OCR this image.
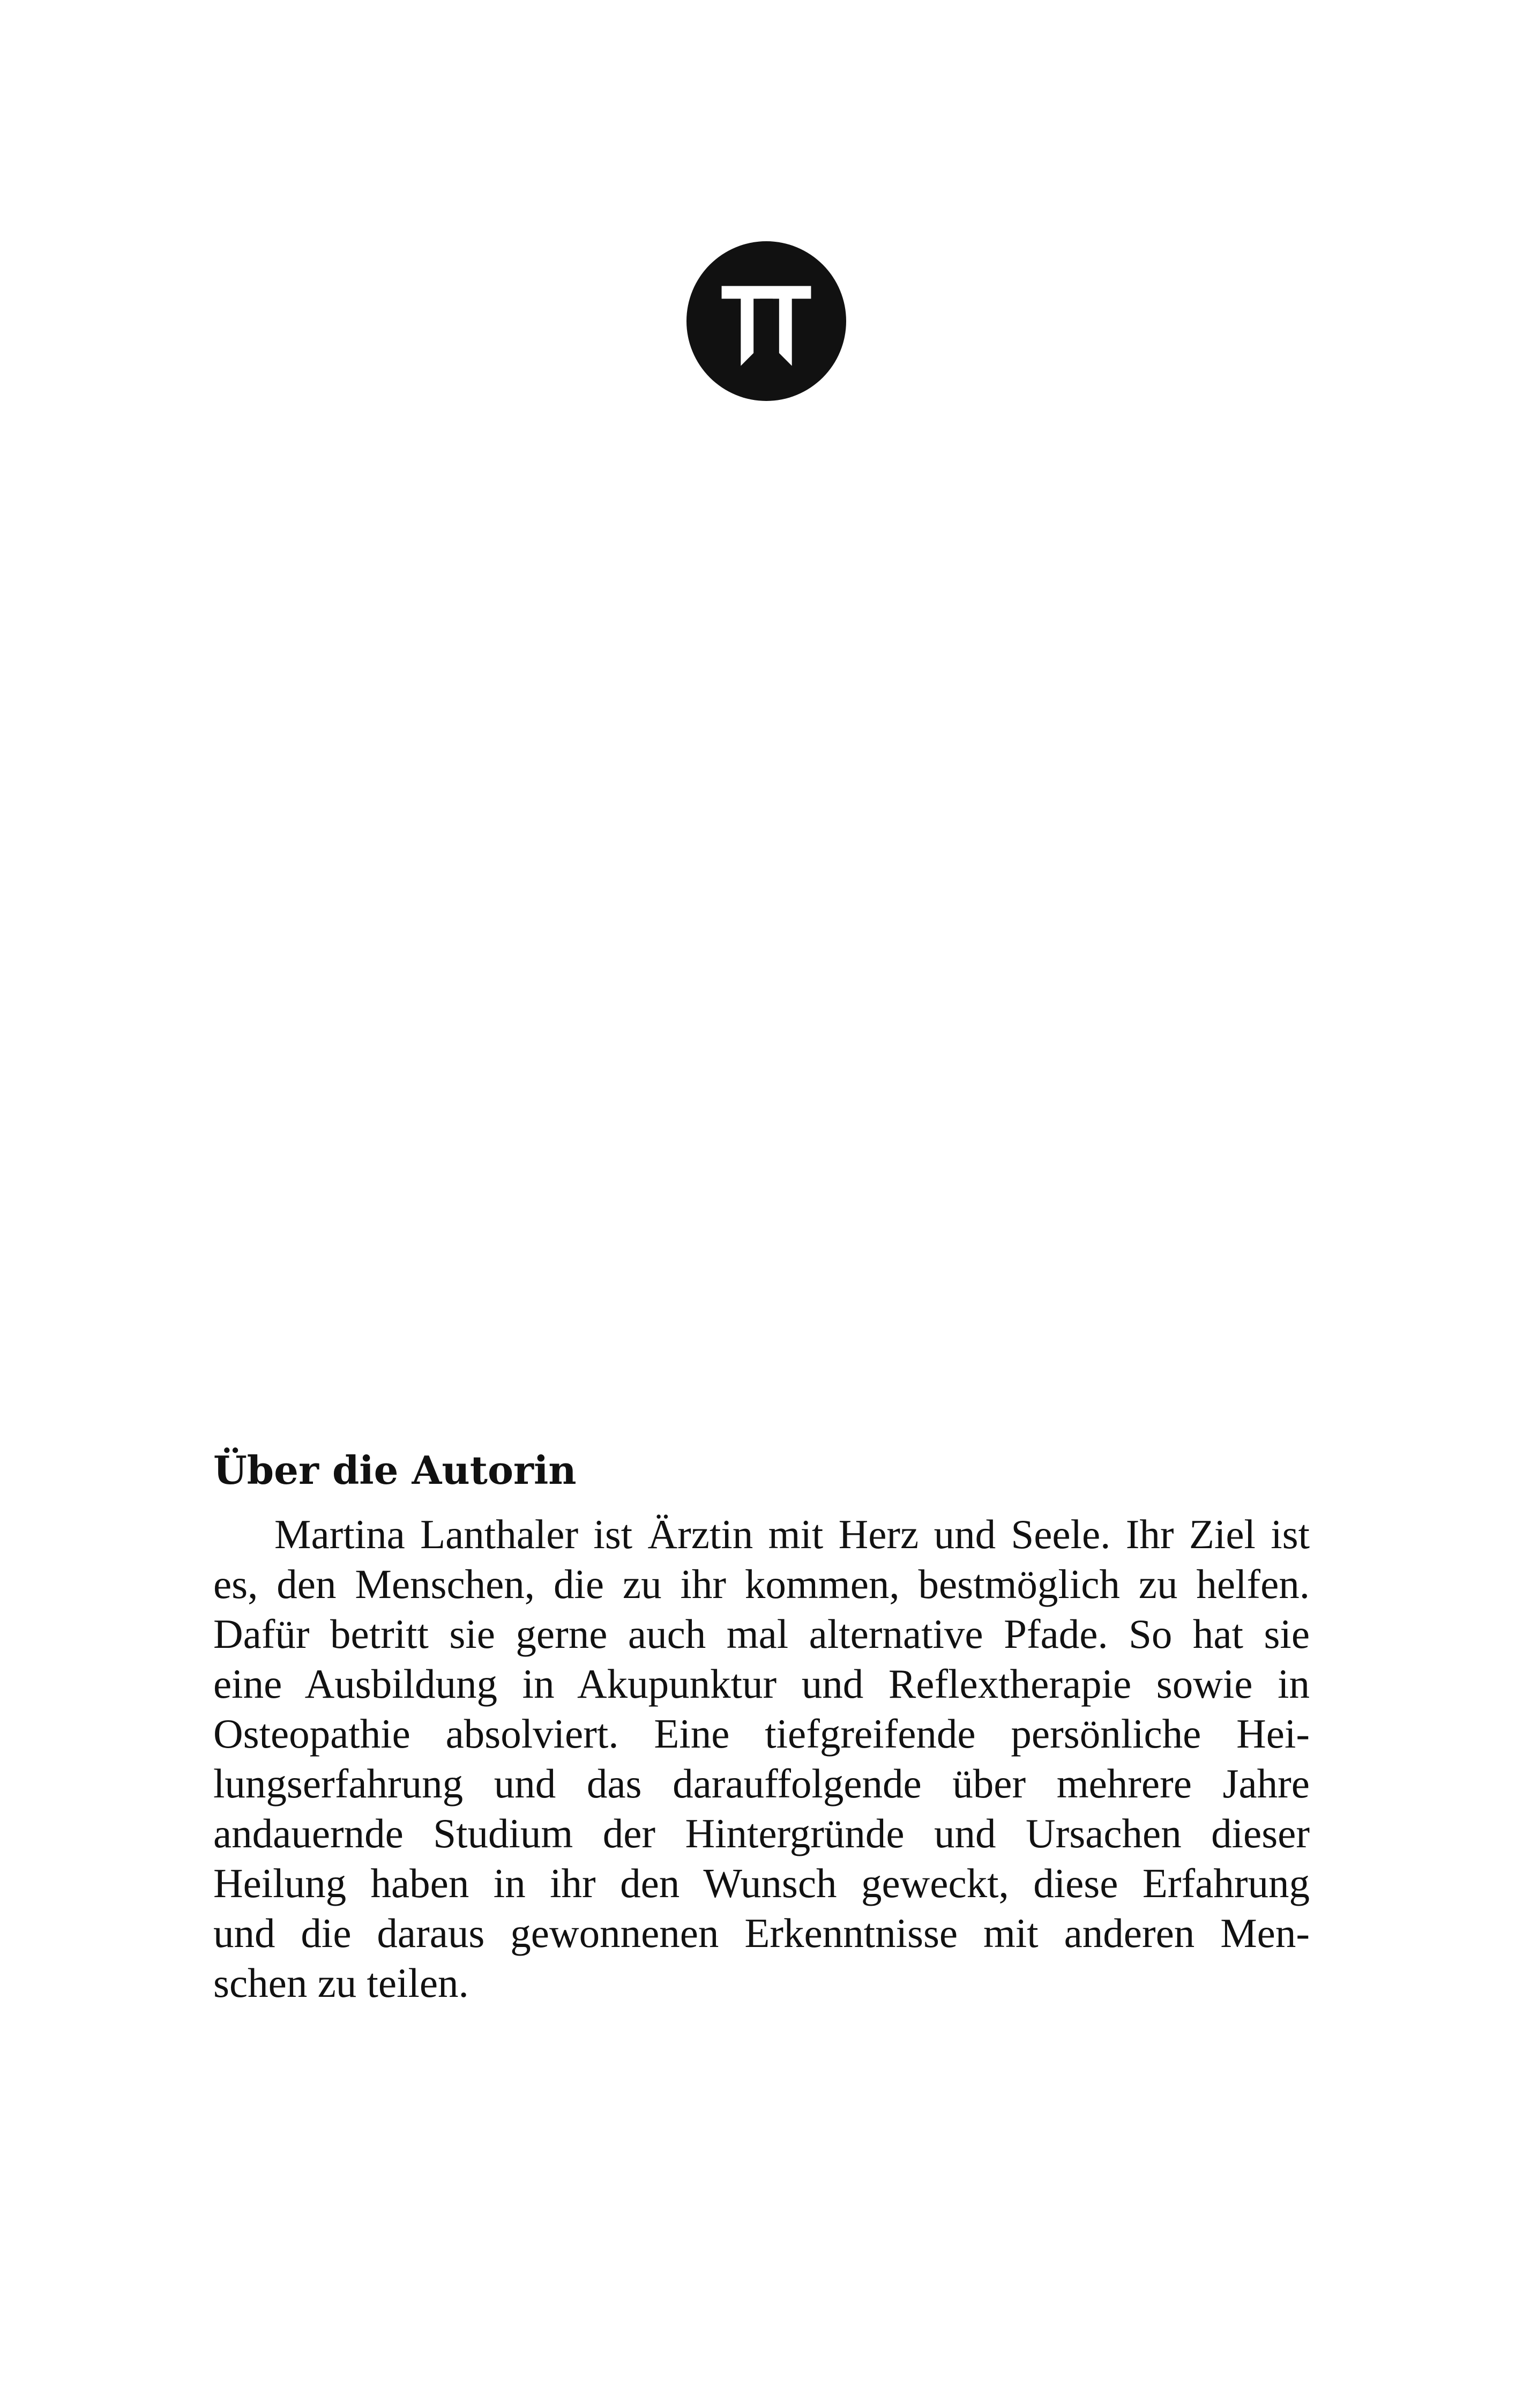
Über die Autorin
Martina Lanthaler ist Ärztin mit Herz und Seele. Ihr Ziel ist
es, den Menschen, die zu ihr kommen, bestmöglich zu helfen.
Dafür betritt sie gerne auch mal alternative Pfade. So hat sie
eine Ausbildung in Akupunktur und Reflextherapie sowie in
Osteopathie absolviert. Eine tiefgreifende persönliche Hei-
lungserfahrung und das darauffolgende über mehrere Jahre
andauernde Studium der Hintergründe und Ursachen dieser
Heilung haben in ihr den Wunsch geweckt, diese Erfahrung
und die daraus gewonnenen Erkenntnisse mit anderen Men-
schen zu teilen.
